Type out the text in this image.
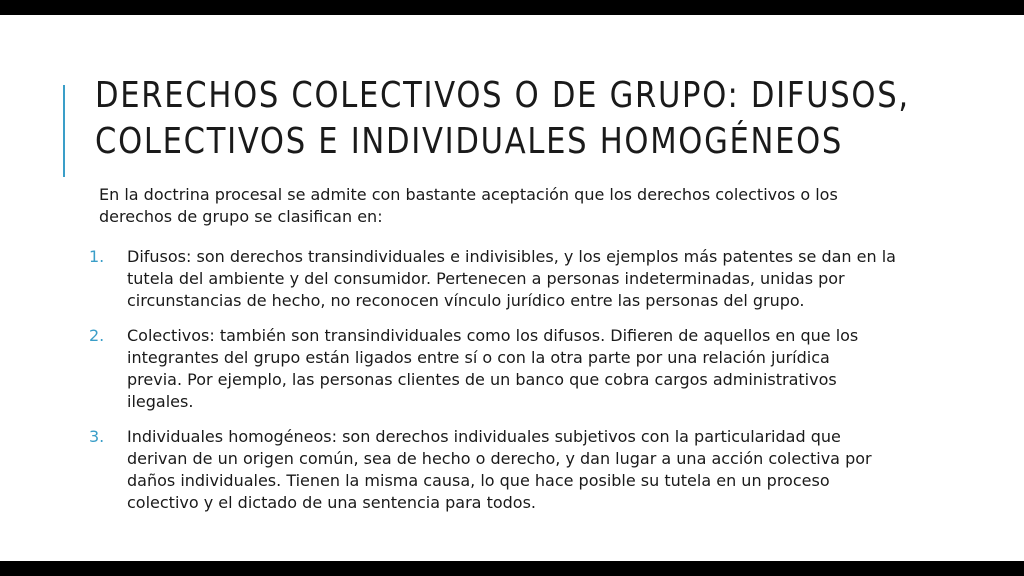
DERECHOS COLECTIVOS O DE GRUPO: DIFUSOS,
COLECTIVOS E INDIVIDUALES HOMOGÉNEOS

En la doctrina procesal se admite con bastante aceptación que los derechos colectivos o los
derechos de grupo se clasifican en:

1. Difusos: son derechos transindividuales e indivisibles, y los ejemplos más patentes se dan en la
tutela del ambiente y del consumidor. Pertenecen a personas indeterminadas, unidas por
circunstancias de hecho, no reconocen vínculo jurídico entre las personas del grupo.
2. Colectivos: también son transindividuales como los difusos. Difieren de aquellos en que los
integrantes del grupo están ligados entre sí o con la otra parte por una relación jurídica
previa. Por ejemplo, las personas clientes de un banco que cobra cargos administrativos
ilegales.
3. Individuales homogéneos: son derechos individuales subjetivos con la particularidad que
derivan de un origen común, sea de hecho o derecho, y dan lugar a una acción colectiva por
daños individuales. Tienen la misma causa, lo que hace posible su tutela en un proceso
colectivo y el dictado de una sentencia para todos.
